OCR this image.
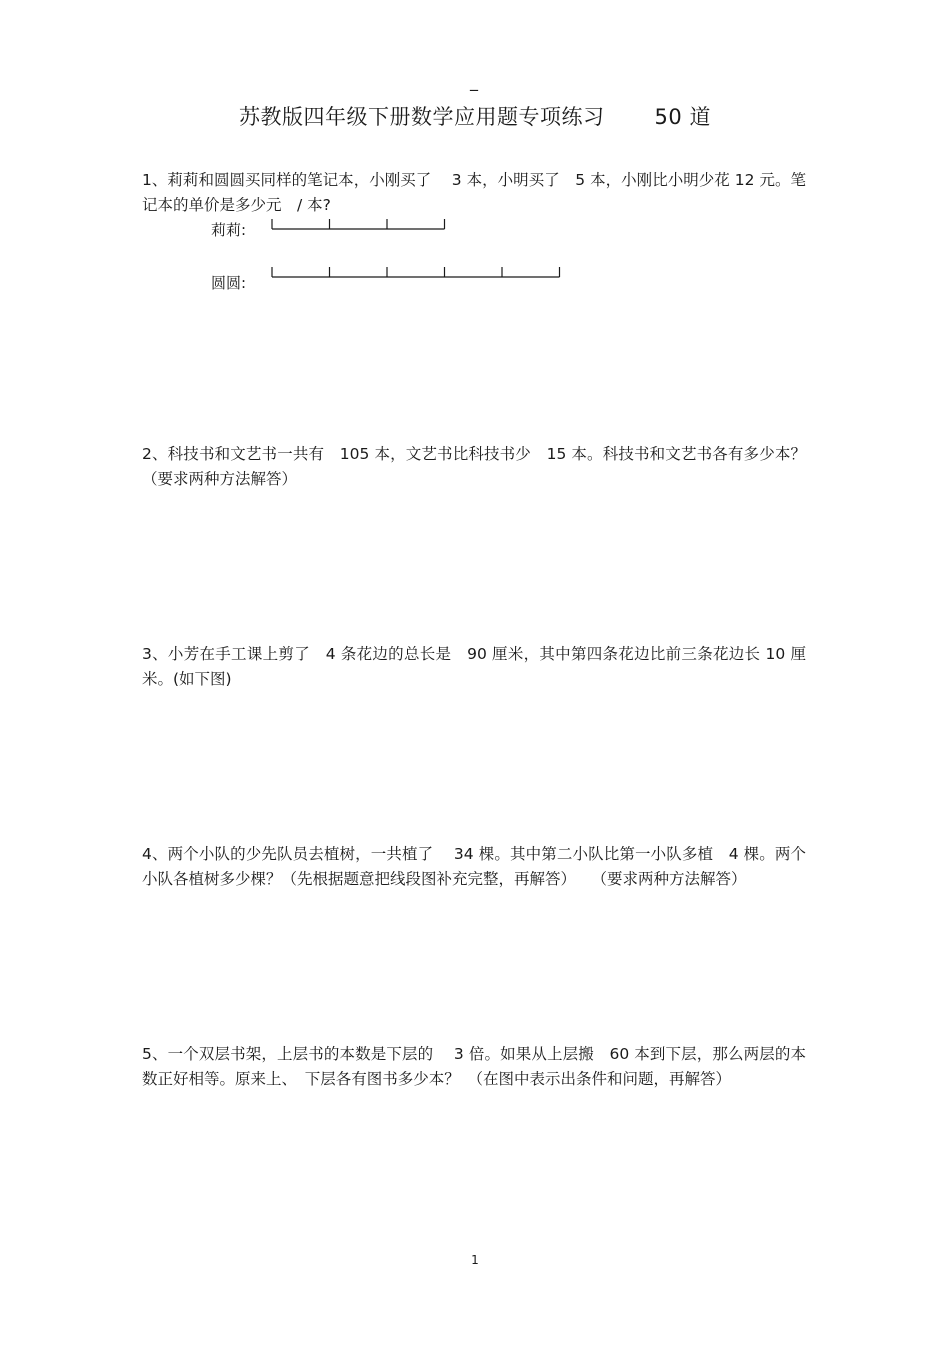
_
苏教版四年级下册数学应用题专项练习 50 道

1、莉莉和圆圆买同样的笔记本，小刚买了　 3 本，小明买了　5 本，小刚比小明少花 12 元。笔记本的单价是多少元　/ 本?

莉莉:
圆圆:

2、科技书和文艺书一共有　105 本，文艺书比科技书少　15 本。科技书和文艺书各有多少本？（要求两种方法解答）

3、小芳在手工课上剪了　4 条花边的总长是　90 厘米，其中第四条花边比前三条花边长 10 厘米。(如下图)

4、两个小队的少先队员去植树，一共植了　 34 棵。其中第二小队比第一小队多植　4 棵。两个小队各植树多少棵？（先根据题意把线段图补充完整，再解答）　　（要求两种方法解答）

5、一个双层书架，上层书的本数是下层的　 3 倍。如果从上层搬　60 本到下层，那么两层的本数正好相等。原来上、　下层各有图书多少本？　（在图中表示出条件和问题，再解答）

1
